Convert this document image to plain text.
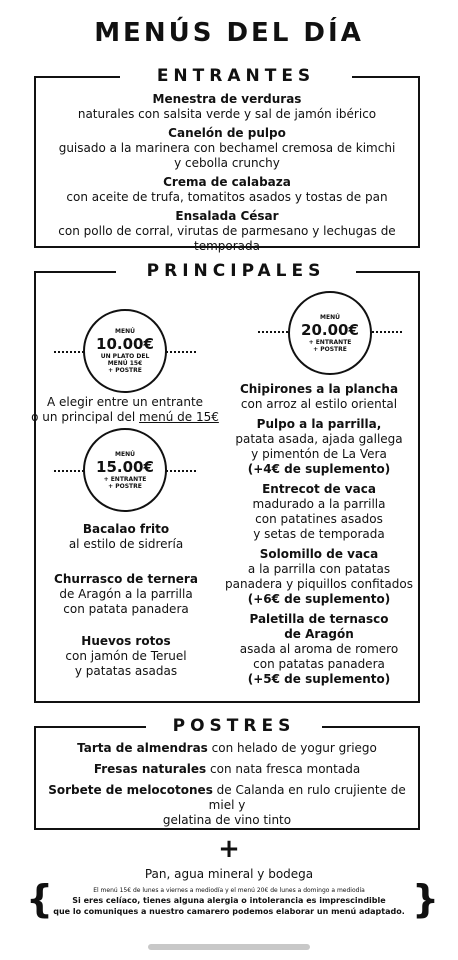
MENÚS DEL DÍA
ENTRANTES
Menestra de verduras
naturales con salsita verde y sal de jamón ibérico
Canelón de pulpo
guisado a la marinera con bechamel cremosa de kimchi
y cebolla crunchy
Crema de calabaza
con aceite de trufa, tomatitos asados y tostas de pan
Ensalada César
con pollo de corral, virutas de parmesano y lechugas de temporada
PRINCIPALES
MENÚ
10.00€
UN PLATO DEL
MENÚ 15€
+ POSTRE
MENÚ
20.00€
+ ENTRANTE
+ POSTRE
A elegir entre un entrante
o un principal del menú de 15€
MENÚ
15.00€
+ ENTRANTE
+ POSTRE
Bacalao frito
al estilo de sidrería
Churrasco de ternera
de Aragón a la parrilla
con patata panadera
Huevos rotos
con jamón de Teruel
y patatas asadas
Chipirones a la plancha
con arroz al estilo oriental
Pulpo a la parrilla,
patata asada, ajada gallega
y pimentón de La Vera
(+4€ de suplemento)
Entrecot de vaca
madurado a la parrilla
con patatines asados
y setas de temporada
Solomillo de vaca
a la parrilla con patatas
panadera y piquillos confitados
(+6€ de suplemento)
Paletilla de ternasco
de Aragón
asada al aroma de romero
con patatas panadera
(+5€ de suplemento)
POSTRES
Tarta de almendras con helado de yogur griego
Fresas naturales con nata fresca montada
Sorbete de melocotones de Calanda en rulo crujiente de miel y
gelatina de vino tinto
+
Pan, agua mineral y bodega
{	}
El menú 15€ de lunes a viernes a mediodía y el menú 20€ de lunes a domingo a mediodía
Si eres celíaco, tienes alguna alergia o intolerancia es imprescindible
que lo comuniques a nuestro camarero podemos elaborar un menú adaptado.
